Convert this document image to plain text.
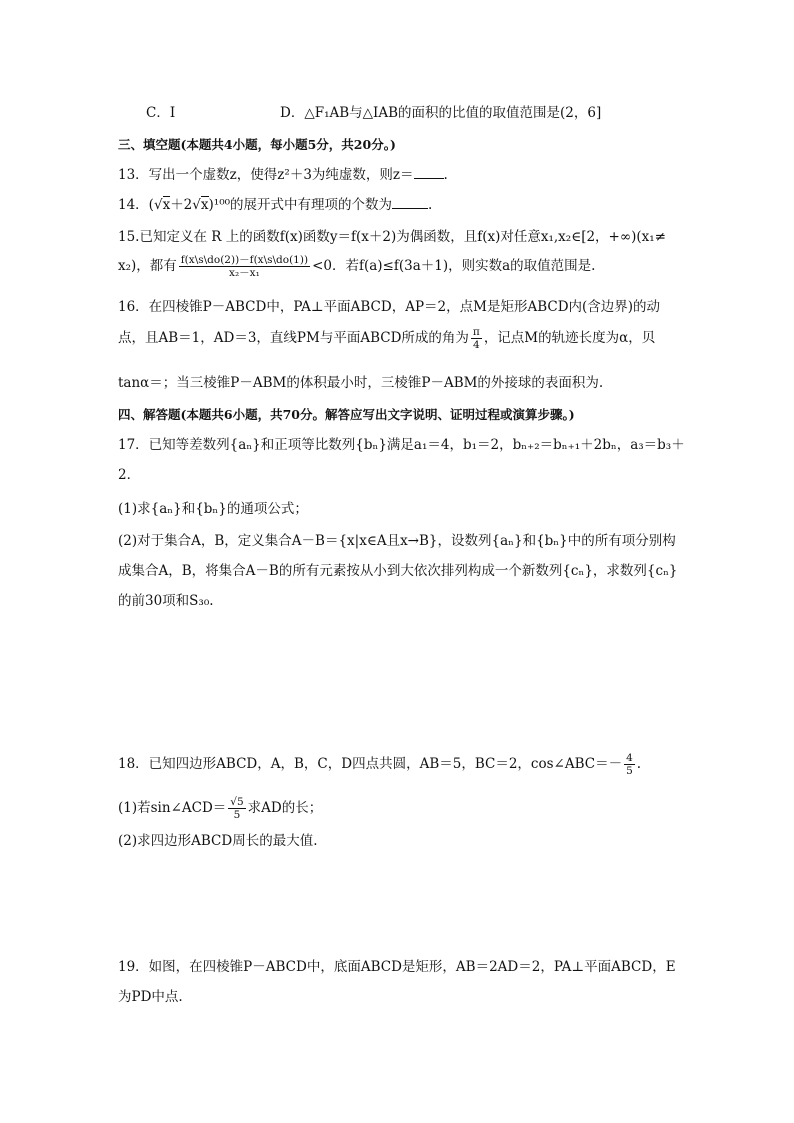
C．I	D．△F₁AB与△IAB的面积的比值的取值范围是(2，6]
三、填空题(本题共4小题，每小题5分，共20分。)
13．写出一个虚数z，使得z²＋3为纯虚数，则z＝ .
14．(√x＋2√x)¹⁰⁰的展开式中有理项的个数为	.
15.已知定义在 R 上的函数f(x)函数y＝f(x＋2)为偶函数，且f(x)对任意x₁,x₂∈[2，+∞)(x₁≠
x₂)，都有 $\frac{f(x\backslash s\backslash do(2))-f(x\backslash s\backslash do(1))}{\text{x₂－x₁}} <0$．若f(a)≤f(3a＋1)，则实数a的取值范围是.
16．在四棱锥P－ABCD中，PA⊥平面ABCD，AP＝2，点M是矩形ABCD内(含边界)的动
点，且AB＝1，AD＝3，直线PM与平面ABCD所成的角为 $\frac{\pi}{4}$ ，记点M的轨迹长度为α，贝
tanα＝；当三棱锥P－ABM的体积最小时，三棱锥P－ABM的外接球的表面积为.
四、解答题(本题共6小题，共70分。解答应写出文字说明、证明过程或演算步骤。)
17．已知等差数列{aₙ}和正项等比数列{bₙ}满足a₁＝4，b₁＝2，bₙ₊₂＝bₙ₊₁＋2bₙ，a₃＝b₃＋
2．
(1)求{aₙ}和{bₙ}的通项公式；
(2)对于集合A，B，定义集合A－B＝{x|x∈A且x→B}，设数列{aₙ}和{bₙ}中的所有项分别构
成集合A，B，将集合A－B的所有元素按从小到大依次排列构成一个新数列{cₙ}，求数列{cₙ}
的前30项和S₃₀.
18．已知四边形ABCD，A，B，C，D四点共圆，AB＝5，BC＝2，cos∠ABC＝－ $\frac{4}{5}$ .
(1)若sin∠ACD＝ $\frac{√5}{5}$ 求AD的长；
(2)求四边形ABCD周长的最大值.
19．如图，在四棱锥P－ABCD中，底面ABCD是矩形，AB＝2AD＝2，PA⊥平面ABCD，E
为PD中点.
